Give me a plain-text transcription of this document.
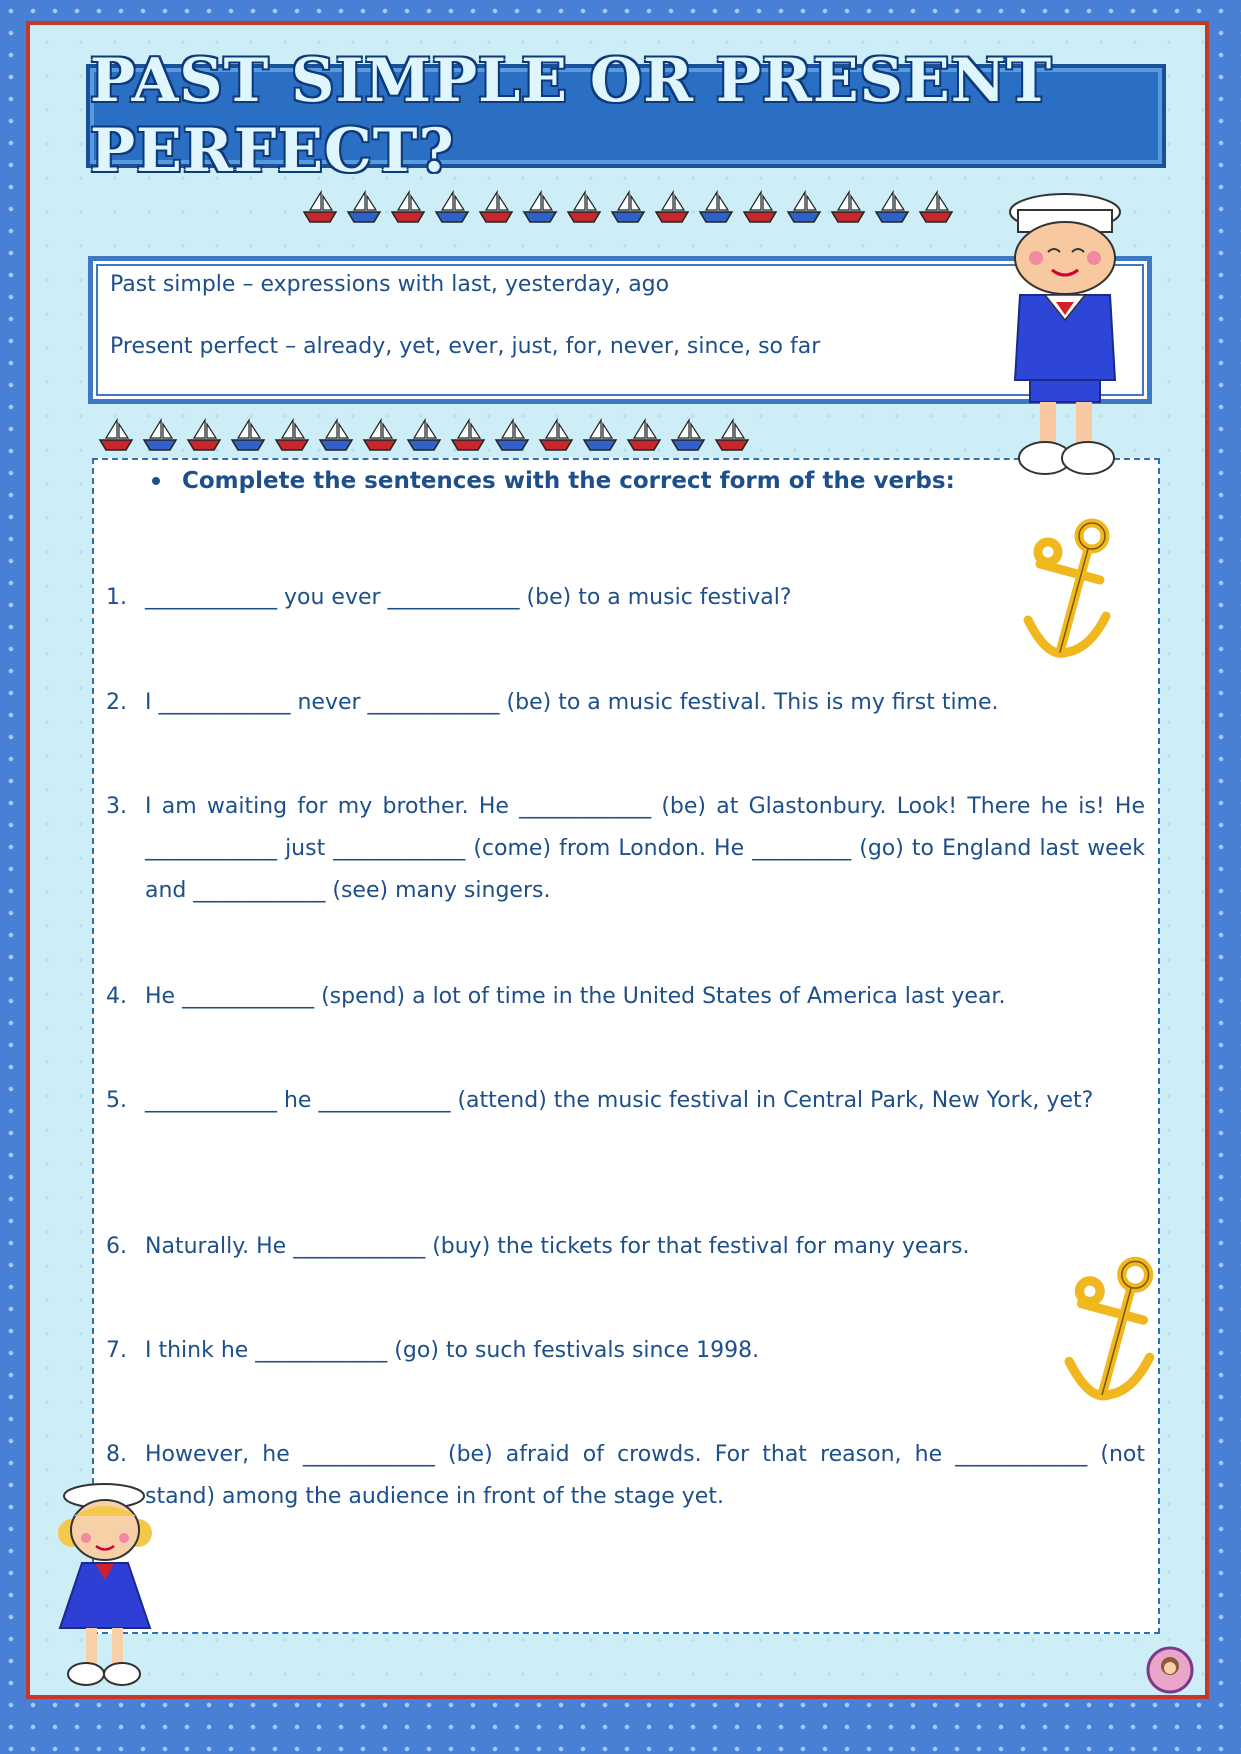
PAST SIMPLE OR PRESENT PERFECT?
Past simple – expressions with last, yesterday, ago
Present perfect – already, yet, ever, just, for, never, since, so far
Complete the sentences with the correct form of the verbs:
1. ____________ you ever ____________ (be) to a music festival?
2. I ____________ never ____________ (be) to a music festival. This is my first time.
3. I am waiting for my brother. He ____________ (be) at Glastonbury. Look! There he is! He ____________ just ____________ (come) from London. He _________ (go) to England last week and ____________ (see) many singers.
4. He ____________ (spend) a lot of time in the United States of America last year.
5. ____________ he ____________ (attend) the music festival in Central Park, New York, yet?
6. Naturally. He ____________ (buy) the tickets for that festival for many years.
7. I think he ____________ (go) to such festivals since 1998.
8. However, he ____________ (be) afraid of crowds. For that reason, he ____________ (not stand) among the audience in front of the stage yet.
